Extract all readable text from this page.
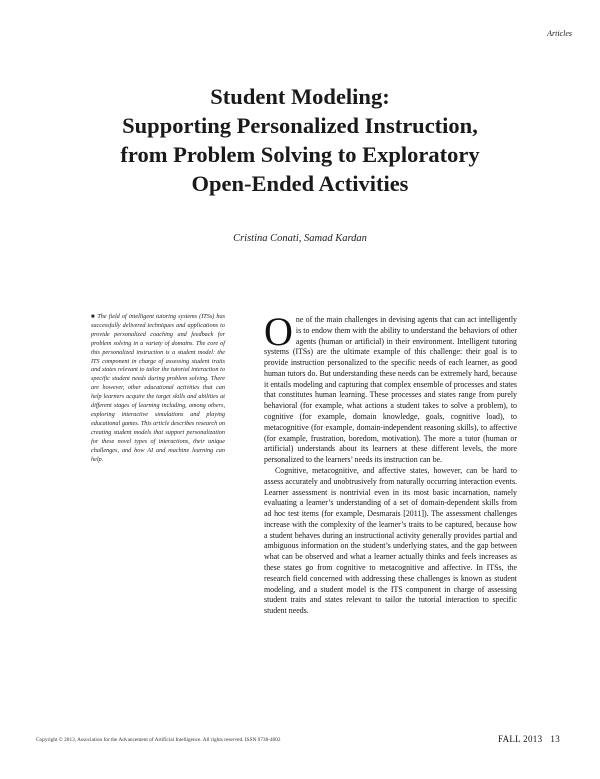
Articles
Student Modeling:
Supporting Personalized Instruction,
from Problem Solving to Exploratory
Open-Ended Activities
Cristina Conati, Samad Kardan
■ The field of intelligent tutoring systems (ITSs) has successfully delivered techniques and applications to provide personalized coaching and feedback for problem solving in a variety of domains. The core of this personalized instruction is a student model: the ITS component in charge of assessing student traits and states relevant to tailor the tutorial interaction to specific student needs during problem solving. There are however, other educational activities that can help learners acquire the target skills and abilities at different stages of learning including, among others, exploring interactive simulations and playing educational games. This article describes research on creating student models that support personalization for these novel types of interactions, their unique challenges, and how AI and machine learning can help.

One of the main challenges in devising agents that can act intelligently is to endow them with the ability to understand the behaviors of other agents (human or artificial) in their environment. Intelligent tutoring systems (ITSs) are the ultimate example of this challenge: their goal is to provide instruction personalized to the specific needs of each learner, as good human tutors do. But understanding these needs can be extremely hard, because it entails modeling and capturing that complex ensemble of processes and states that constitutes human learning. These processes and states range from purely behavioral (for example, what actions a student takes to solve a problem), to cognitive (for example, domain knowledge, goals, cognitive load), to metacognitive (for example, domain-independent reasoning skills), to affective (for example, frustration, boredom, motivation). The more a tutor (human or artificial) understands about its learners at these different levels, the more personalized to the learners’ needs its instruction can be.

Cognitive, metacognitive, and affective states, however, can be hard to assess accurately and unobtrusively from naturally occurring interaction events. Learner assessment is nontrivial even in its most basic incarnation, namely evaluating a learner’s understanding of a set of domain-dependent skills from ad hoc test items (for example, Desmarais [2011]). The assessment challenges increase with the complexity of the learner’s traits to be captured, because how a student behaves during an instructional activity generally provides partial and ambiguous information on the student’s underlying states, and the gap between what can be observed and what a learner actually thinks and feels increases as these states go from cognitive to metacognitive and affective. In ITSs, the research field concerned with addressing these challenges is known as student modeling, and a student model is the ITS component in charge of assessing student traits and states relevant to tailor the tutorial interaction to specific student needs.

Copyright © 2013, Association for the Advancement of Artificial Intelligence. All rights reserved. ISSN 0738-4602	FALL 2013 13
